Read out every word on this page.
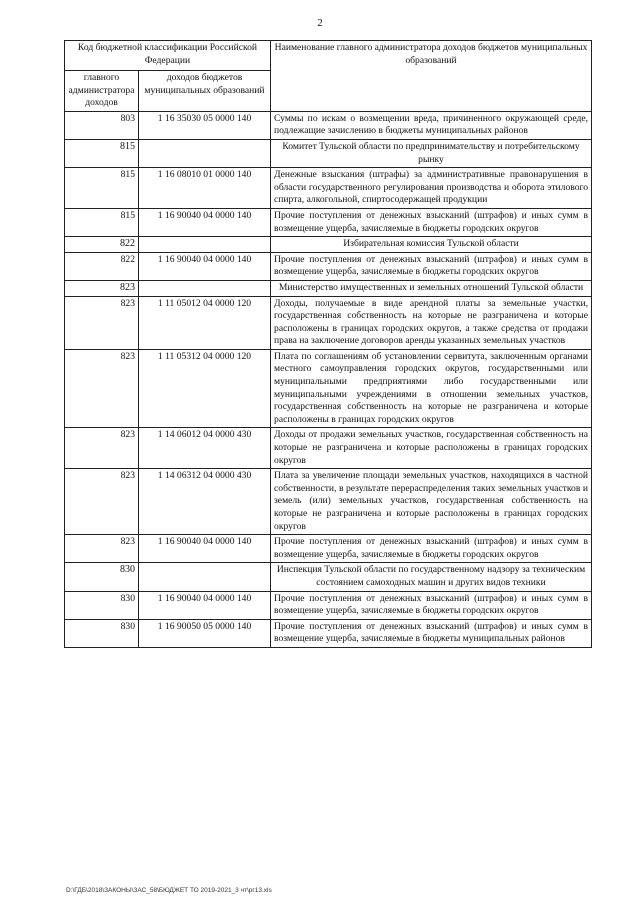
2
Код бюджетной классификации Российской Федерации		Наименование главного администратора доходов бюджетов муниципальных образований
главного администратора доходов	доходов бюджетов муниципальных образований	
803	1 16 35030 05 0000 140	Суммы по искам о возмещении вреда, причиненного окружающей среде, подлежащие зачислению в бюджеты муниципальных районов
815		Комитет Тульской области по предпринимательству и потребительскому рынку
815	1 16 08010 01 0000 140	Денежные взыскания (штрафы) за административные правонарушения в области государственного регулирования производства и оборота этилового спирта, алкогольной, спиртосодержащей продукции
815	1 16 90040 04 0000 140	Прочие поступления от денежных взысканий (штрафов) и иных сумм в возмещение ущерба, зачисляемые в бюджеты городских округов
822		Избирательная комиссия Тульской области
822	1 16 90040 04 0000 140	Прочие поступления от денежных взысканий (штрафов) и иных сумм в возмещение ущерба, зачисляемые в бюджеты городских округов
823		Министерство имущественных и земельных отношений Тульской области
823	1 11 05012 04 0000 120	Доходы, получаемые в виде арендной платы за земельные участки, государственная собственность на которые не разграничена и которые расположены в границах городских округов, а также средства от продажи права на заключение договоров аренды указанных земельных участков
823	1 11 05312 04 0000 120	Плата по соглашениям об установлении сервитута, заключенным органами местного самоуправления городских округов, государственными или муниципальными предприятиями либо государственными или муниципальными учреждениями в отношении земельных участков, государственная собственность на которые не разграничена и которые расположены в границах городских округов
823	1 14 06012 04 0000 430	Доходы от продажи земельных участков, государственная собственность на которые не разграничена и которые расположены в границах городских округов
823	1 14 06312 04 0000 430	Плата за увеличение площади земельных участков, находящихся в частной собственности, в результате перераспределения таких земельных участков и земель (или) земельных участков, государственная собственность на которые не разграничена и которые расположены в границах городских округов
823	1 16 90040 04 0000 140	Прочие поступления от денежных взысканий (штрафов) и иных сумм в возмещение ущерба, зачисляемые в бюджеты городских округов
830		Инспекция Тульской области по государственному надзору за техническим состоянием самоходных машин и других видов техники
830	1 16 90040 04 0000 140	Прочие поступления от денежных взысканий (штрафов) и иных сумм в возмещение ущерба, зачисляемые в бюджеты городских округов
830	1 16 90050 05 0000 140	Прочие поступления от денежных взысканий (штрафов) и иных сумм в возмещение ущерба, зачисляемые в бюджеты муниципальных районов
D:\ГДБ\2018\ЗАКОНЫ\ЗАС_58\БЮДЖЕТ ТО 2019-2021_3 чт\рг13.xls
